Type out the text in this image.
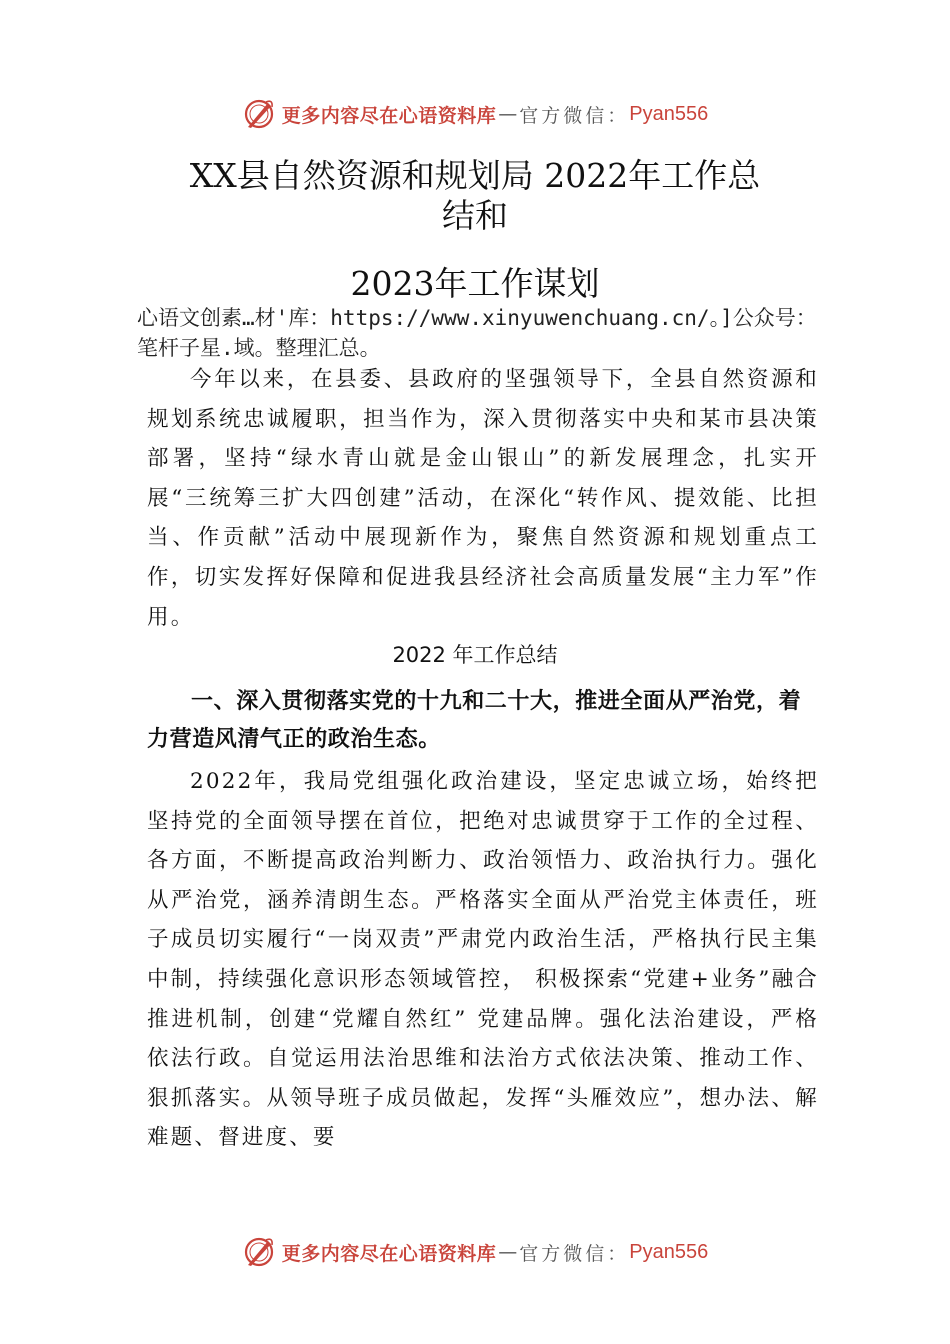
更多内容尽在心语资料库 — 官方微信： Pyan556
XX县自然资源和规划局 2022年工作总
结和
2023年工作谋划
心语文创素…材'库：https://www.xinyuwenchuang.cn/。]公众号：笔杆子星.域。整理汇总。
今年以来，在县委、县政府的坚强领导下，全县自然资源和规划系统忠诚履职，担当作为，深入贯彻落实中央和某市县决策部署，坚持“绿水青山就是金山银山”的新发展理念，扎实开展“三统筹三扩大四创建”活动，在深化“转作风、提效能、比担当、作贡献”活动中展现新作为，聚焦自然资源和规划重点工作，切实发挥好保障和促进我县经济社会高质量发展“主力军”作用。
2022 年工作总结
一、深入贯彻落实党的十九和二十大，推进全面从严治党，着力营造风清气正的政治生态。
2022年，我局党组强化政治建设，坚定忠诚立场，始终把坚持党的全面领导摆在首位，把绝对忠诚贯穿于工作的全过程、各方面，不断提高政治判断力、政治领悟力、政治执行力。强化从严治党，涵养清朗生态。严格落实全面从严治党主体责任，班子成员切实履行“一岗双责”严肃党内政治生活，严格执行民主集中制，持续强化意识形态领域管控， 积极探索“党建+业务”融合推进机制，创建“党耀自然红” 党建品牌。强化法治建设，严格依法行政。自觉运用法治思维和法治方式依法决策、推动工作、狠抓落实。从领导班子成员做起，发挥“头雁效应”，想办法、解难题、督进度、要
更多内容尽在心语资料库 — 官方微信： Pyan556
